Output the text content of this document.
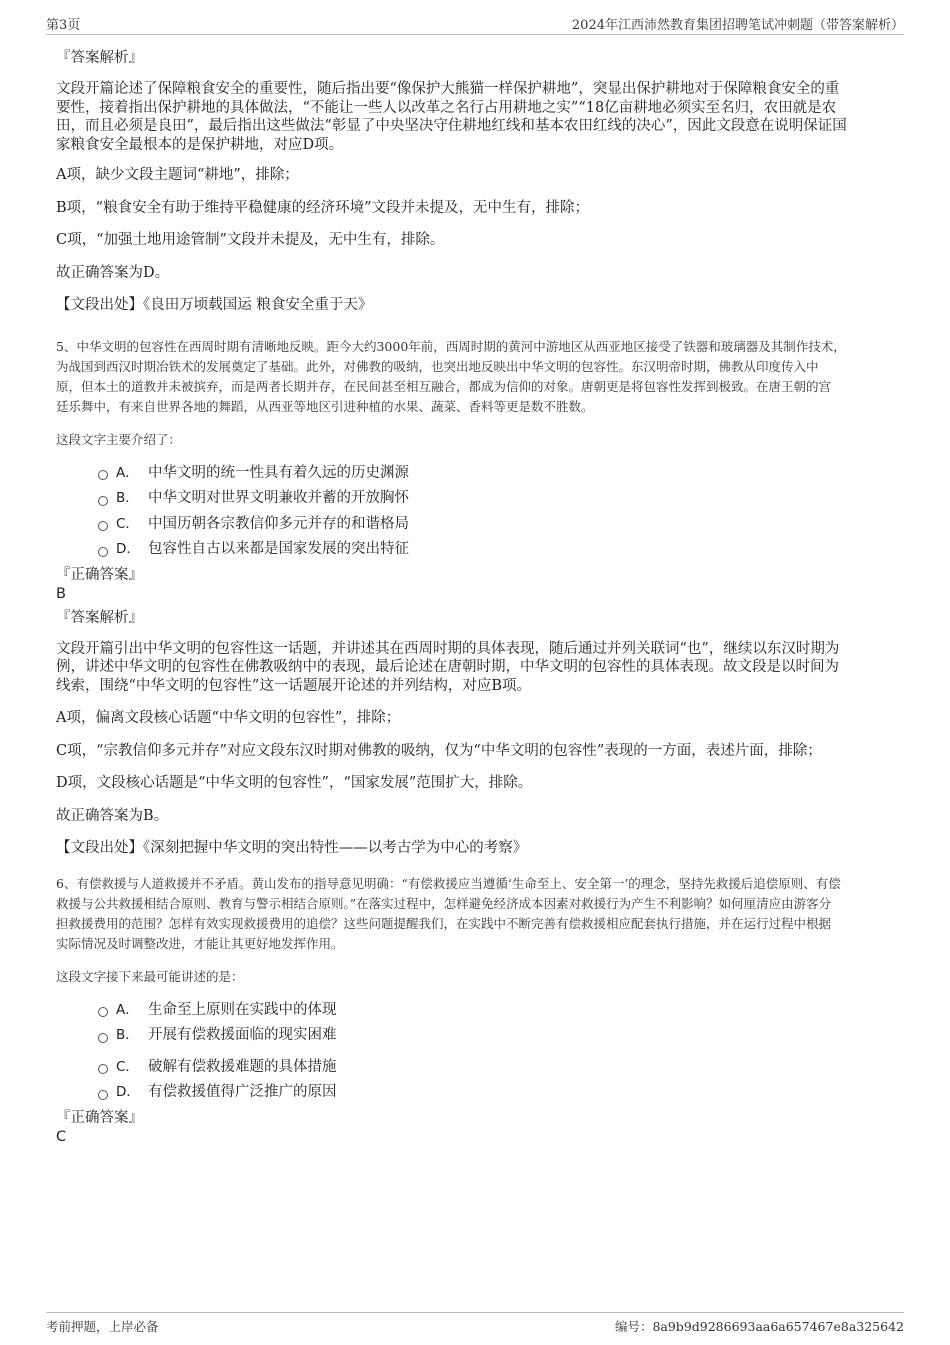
第3页	2024年江西沛然教育集团招聘笔试冲刺题（带答案解析）

『答案解析』

文段开篇论述了保障粮食安全的重要性，随后指出要“像保护大熊猫一样保护耕地”，突显出保护耕地对于保障粮食安全的重

要性，接着指出保护耕地的具体做法，“不能让一些人以改革之名行占用耕地之实”“18亿亩耕地必须实至名归，农田就是农

田，而且必须是良田”，最后指出这些做法“彰显了中央坚决守住耕地红线和基本农田红线的决心”，因此文段意在说明保证国

家粮食安全最根本的是保护耕地，对应D项。

A项，缺少文段主题词“耕地”，排除；

B项，“粮食安全有助于维持平稳健康的经济环境”文段并未提及，无中生有，排除；

C项，“加强土地用途管制”文段并未提及，无中生有，排除。

故正确答案为D。

【文段出处】《良田万顷载国运 粮食安全重于天》

5、中华文明的包容性在西周时期有清晰地反映。距今大约3000年前，西周时期的黄河中游地区从西亚地区接受了铁器和玻璃器及其制作技术，

为战国到西汉时期冶铁术的发展奠定了基础。此外，对佛教的吸纳，也突出地反映出中华文明的包容性。东汉明帝时期，佛教从印度传入中

原，但本土的道教并未被摈弃，而是两者长期并存，在民间甚至相互融合，都成为信仰的对象。唐朝更是将包容性发挥到极致。在唐王朝的宫

廷乐舞中，有来自世界各地的舞蹈，从西亚等地区引进种植的水果、蔬菜、香料等更是数不胜数。

这段文字主要介绍了：

A． 中华文明的统一性具有着久远的历史渊源
B． 中华文明对世界文明兼收并蓄的开放胸怀
C． 中国历朝各宗教信仰多元并存的和谐格局
D． 包容性自古以来都是国家发展的突出特征

『正确答案』

B

『答案解析』

文段开篇引出中华文明的包容性这一话题，并讲述其在西周时期的具体表现，随后通过并列关联词“也”，继续以东汉时期为

例，讲述中华文明的包容性在佛教吸纳中的表现，最后论述在唐朝时期，中华文明的包容性的具体表现。故文段是以时间为

线索，围绕“中华文明的包容性”这一话题展开论述的并列结构，对应B项。

A项，偏离文段核心话题“中华文明的包容性”，排除；

C项，“宗教信仰多元并存”对应文段东汉时期对佛教的吸纳，仅为“中华文明的包容性”表现的一方面，表述片面，排除；

D项，文段核心话题是“中华文明的包容性”，“国家发展”范围扩大，排除。

故正确答案为B。

【文段出处】《深刻把握中华文明的突出特性——以考古学为中心的考察》

6、有偿救援与人道救援并不矛盾。黄山发布的指导意见明确：“有偿救援应当遵循‘生命至上、安全第一’的理念，坚持先救援后追偿原则、有偿

救援与公共救援相结合原则、教育与警示相结合原则。”在落实过程中，怎样避免经济成本因素对救援行为产生不利影响？如何厘清应由游客分

担救援费用的范围？怎样有效实现救援费用的追偿？这些问题提醒我们，在实践中不断完善有偿救援相应配套执行措施，并在运行过程中根据

实际情况及时调整改进，才能让其更好地发挥作用。

这段文字接下来最可能讲述的是：

A． 生命至上原则在实践中的体现
B． 开展有偿救援面临的现实困难
C． 破解有偿救援难题的具体措施
D． 有偿救援值得广泛推广的原因

『正确答案』

C

考前押题，上岸必备	编号：8a9b9d9286693aa6a657467e8a325642
